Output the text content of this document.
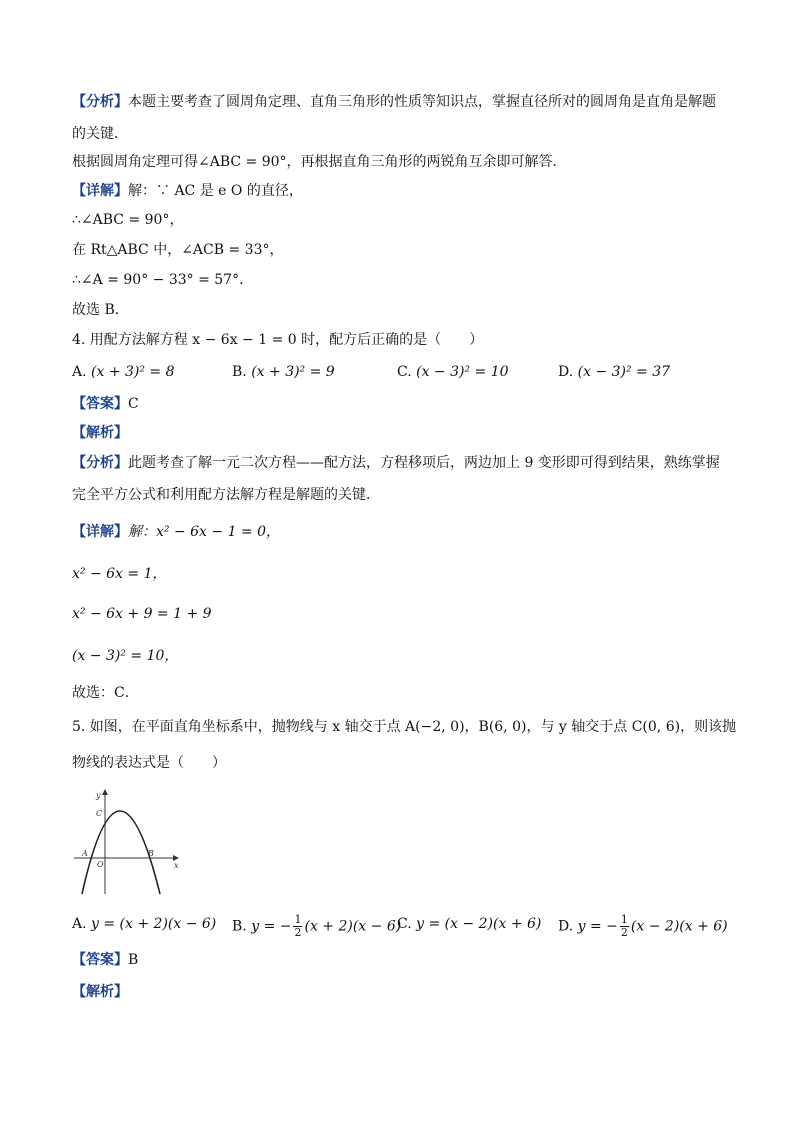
【分析】本题主要考查了圆周角定理、直角三角形的性质等知识点，掌握直径所对的圆周角是直角是解题
的关键．
根据圆周角定理可得∠ABC = 90°，再根据直角三角形的两锐角互余即可解答．
【详解】解：∵ AC 是 e O 的直径，
∴∠ABC = 90°，
在 Rt△ABC 中，∠ACB = 33°，
∴∠A = 90° − 33° = 57°．
故选 B．
4. 用配方法解方程 x − 6x − 1 = 0 时，配方后正确的是（　　）
A. (x + 3)² = 8	B. (x + 3)² = 9	C. (x − 3)² = 10	D. (x − 3)² = 37
【答案】C
【解析】
【分析】此题考查了解一元二次方程——配方法，方程移项后，两边加上 9 变形即可得到结果，熟练掌握
完全平方公式和利用配方法解方程是解题的关键．
【详解】解：x² − 6x − 1 = 0，
x² − 6x = 1，
x² − 6x + 9 = 1 + 9
(x − 3)² = 10，
故选：C．
5. 如图，在平面直角坐标系中，抛物线与 x 轴交于点 A(−2, 0)，B(6, 0)，与 y 轴交于点 C(0, 6)，则该抛
物线的表达式是（　　）
y
x
C
A
O
B
A. y = (x + 2)(x − 6) B. y = − $\frac{1}{2} (x + 2)(x - 6)$
C. y = (x − 2)(x + 6) D. y = − $\frac{1}{2} (x - 2)(x + 6)$
【答案】B
【解析】
